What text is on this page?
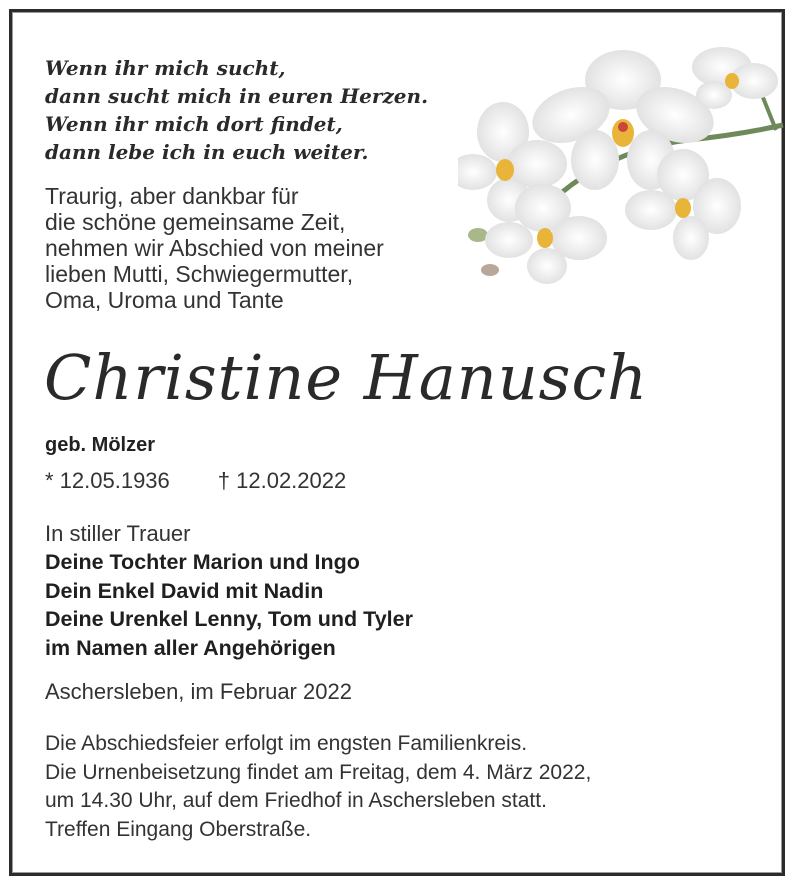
Wenn ihr mich sucht,
dann sucht mich in euren Herzen.
Wenn ihr mich dort findet,
dann lebe ich in euch weiter.
Traurig, aber dankbar für
die schöne gemeinsame Zeit,
nehmen wir Abschied von meiner
lieben Mutti, Schwiegermutter,
Oma, Uroma und Tante
Christine Hanusch
geb. Mölzer
* 12.05.1936 † 12.02.2022
In stiller Trauer
Deine Tochter Marion und Ingo
Dein Enkel David mit Nadin
Deine Urenkel Lenny, Tom und Tyler
im Namen aller Angehörigen
Aschersleben, im Februar 2022
Die Abschiedsfeier erfolgt im engsten Familienkreis.
Die Urnenbeisetzung findet am Freitag, dem 4. März 2022,
um 14.30 Uhr, auf dem Friedhof in Aschersleben statt.
Treffen Eingang Oberstraße.
